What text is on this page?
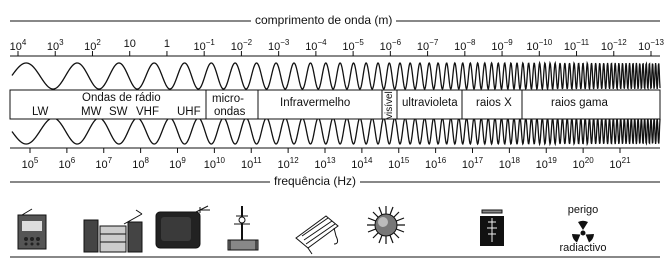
comprimento de onda (m)
frequência (Hz)
$10^4$ $10^3$ $10^2$ 10	1 $10^{-1}$ $10^{-2}$ $10^{-3}$ $10^{-4}$ $10^{-5}$ $10^{-6}$ $10^{-7}$ $10^{-8}$ $10^{-9}$ $10^{-10}$ $10^{-11}$ $10^{-12}$ $10^{-13}$
$10^5$ $10^6$ $10^7$ $10^8$ $10^9$ $10^{10}$ $10^{11}$ $10^{12}$ $10^{13}$ $10^{14}$ $10^{15}$ $10^{16}$ $10^{17}$ $10^{18}$ $10^{19}$ $10^{20}$ $10^{21}$
Ondas de rádio
LW	MW SW VHF UHF
micro-
ondas
Infravermelho	visível ultravioleta raios X	raios gama
perigo
radiactivo
